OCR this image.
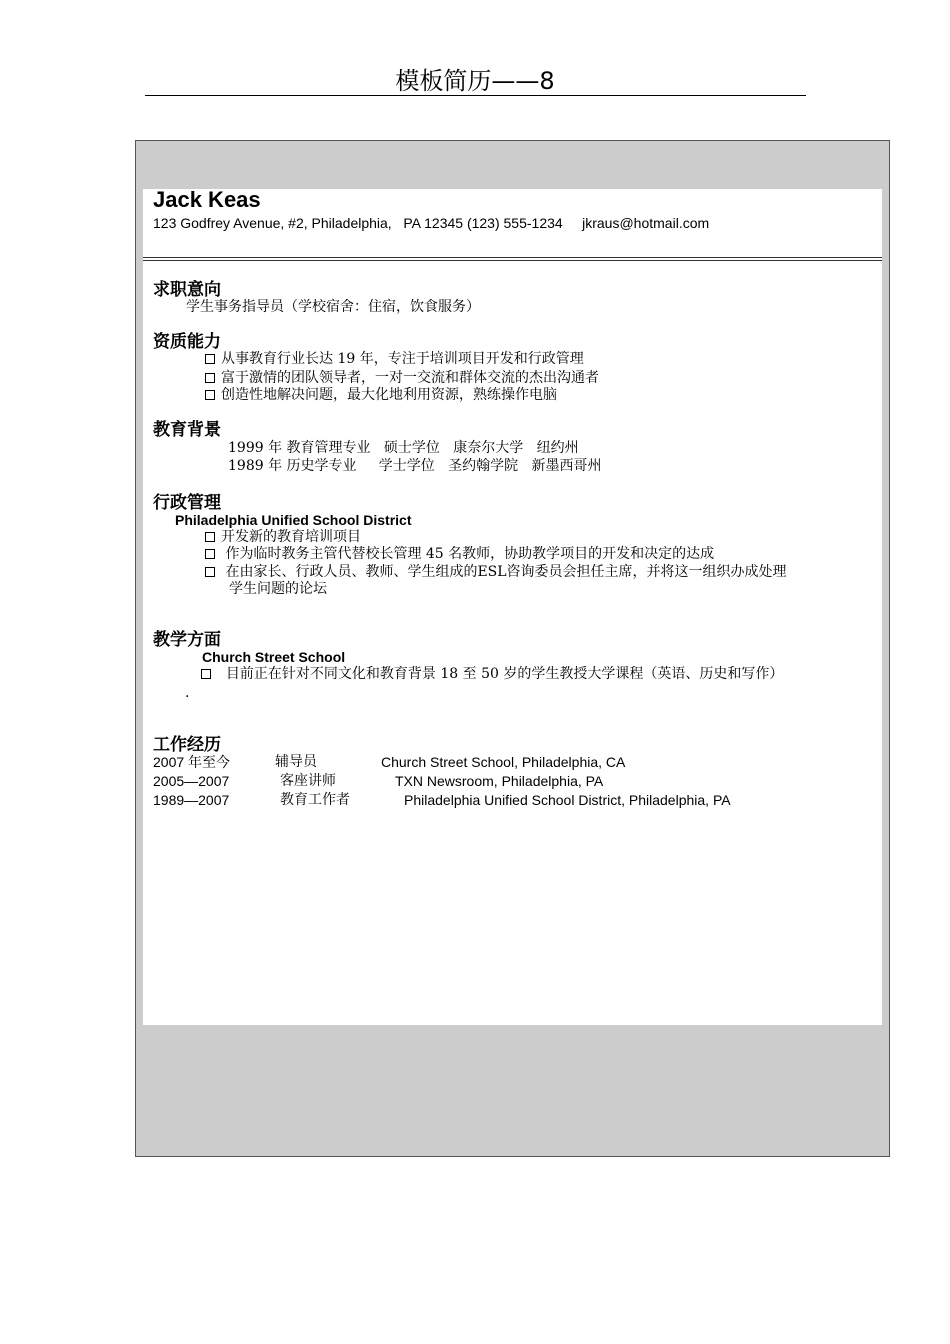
模板简历——8
Jack Keas
123 Godfrey Avenue, #2, Philadelphia,   PA 12345 (123) 555-1234     jkraus@hotmail.com
求职意向
学生事务指导员（学校宿舍：住宿，饮食服务）
资质能力
从事教育行业长达 19 年，专注于培训项目开发和行政管理
富于激情的团队领导者，一对一交流和群体交流的杰出沟通者
创造性地解决问题，最大化地利用资源，熟练操作电脑
教育背景
1999 年 教育管理专业   硕士学位   康奈尔大学   纽约州
1989 年 历史学专业     学士学位   圣约翰学院   新墨西哥州
行政管理
Philadelphia Unified School District
开发新的教育培训项目
作为临时教务主管代替校长管理 45 名教师，协助教学项目的开发和决定的达成
在由家长、行政人员、教师、学生组成的ESL咨询委员会担任主席，并将这一组织办成处理
学生问题的论坛
教学方面
Church Street School
目前正在针对不同文化和教育背景 18 至 50 岁的学生教授大学课程（英语、历史和写作）
.
工作经历
2007 年至今	辅导员	Church Street School, Philadelphia, CA
2005—2007	客座讲师	TXN Newsroom, Philadelphia, PA
1989—2007	教育工作者	Philadelphia Unified School District, Philadelphia, PA
